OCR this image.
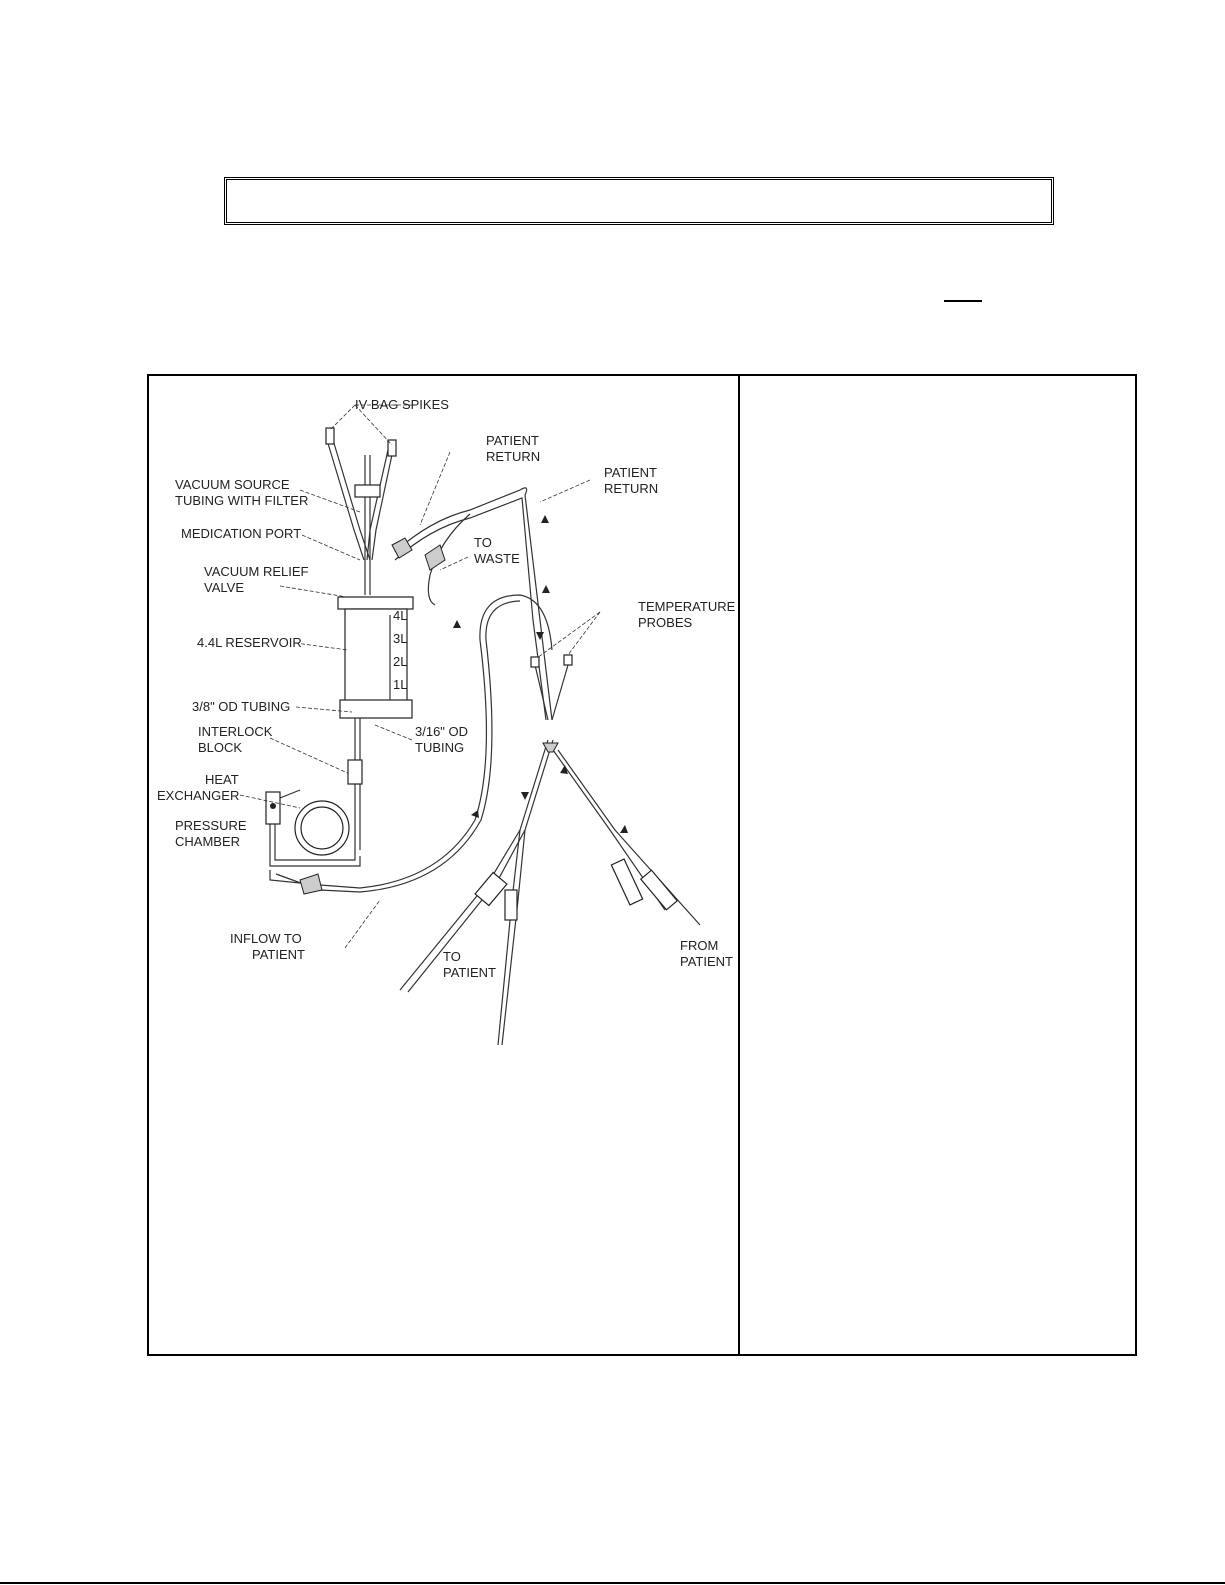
4L
3L
2L
1L
IV BAG SPIKES
PATIENT
RETURN
PATIENT
RETURN
VACUUM SOURCE
TUBING WITH FILTER
MEDICATION PORT
TO
WASTE
VACUUM RELIEF
VALVE
TEMPERATURE
PROBES
4.4L RESERVOIR
3/8" OD TUBING
INTERLOCK
BLOCK
3/16" OD
TUBING
HEAT
EXCHANGER
PRESSURE
CHAMBER
INFLOW TO
PATIENT	TO
PATIENT
FROM
PATIENT
